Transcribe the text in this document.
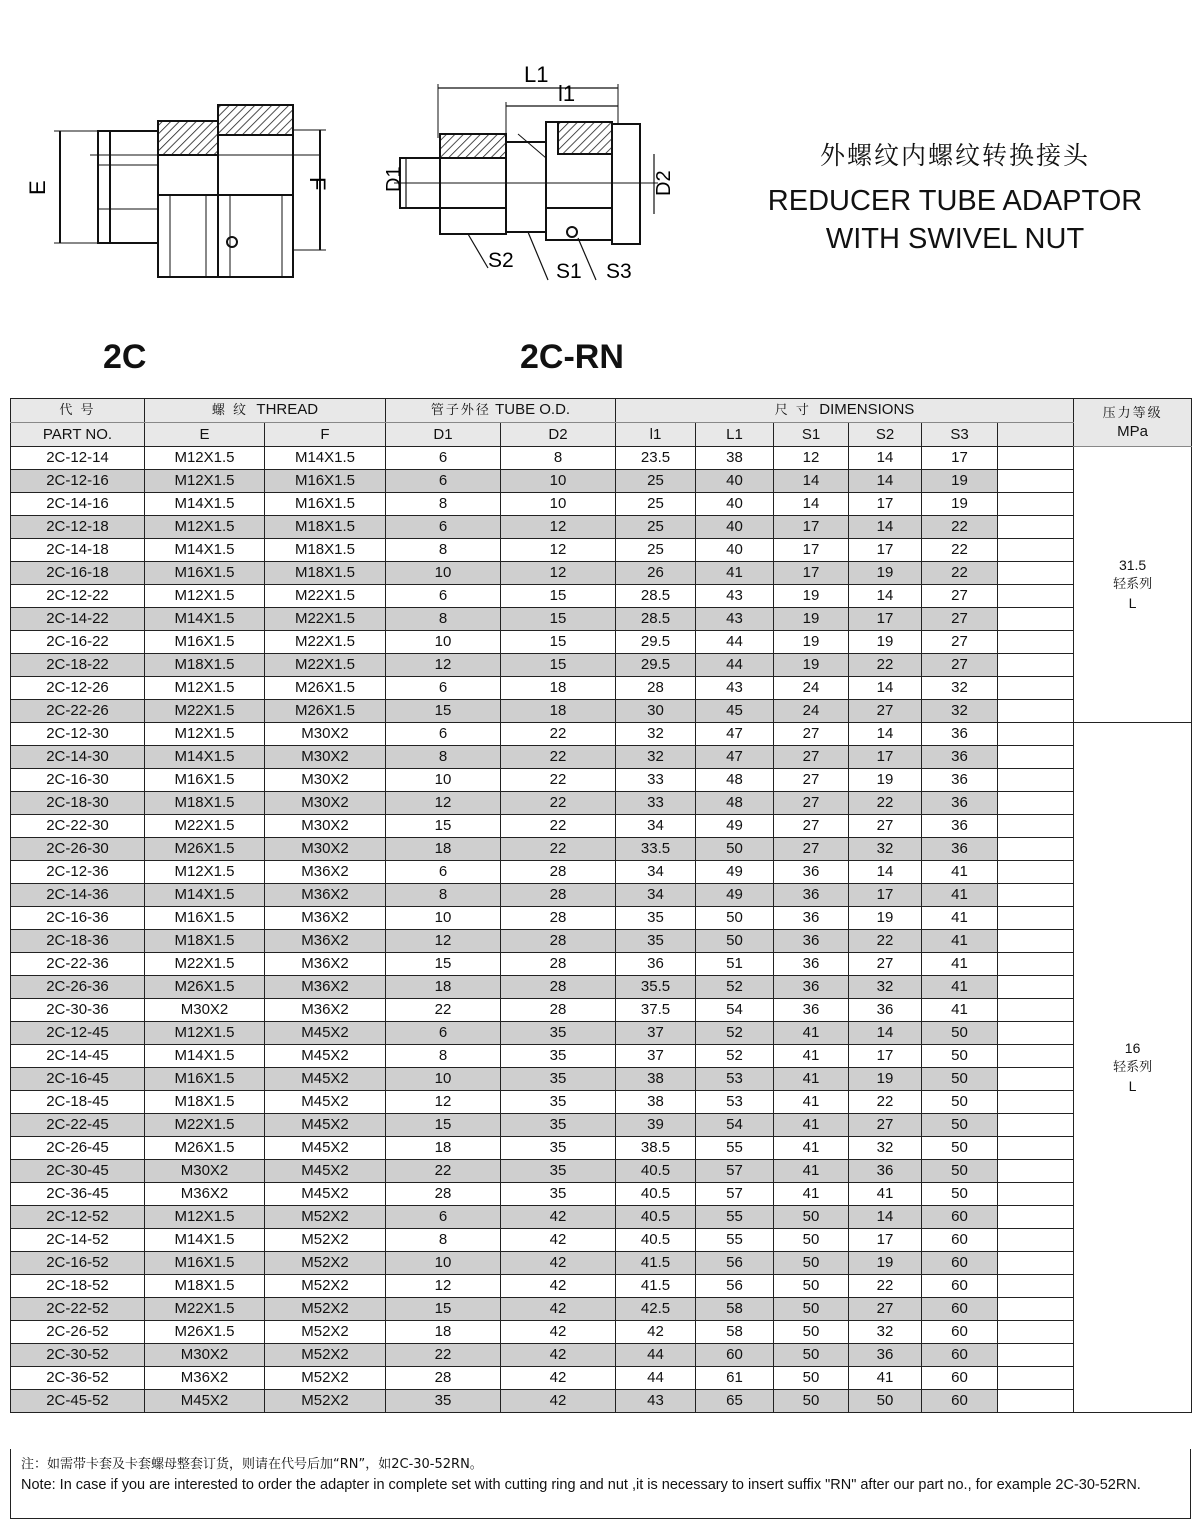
E	F
L1
l1
D1	D2
S2 S1 S3
2C	2C-RN
外螺纹内螺纹转换接头
REDUCER TUBE ADAPTOR
WITH SWIVEL NUT
代 号	螺 纹 THREAD		管子外径 TUBE O.D.		尺 寸 DIMENSIONS						压力等级
MPa
PART NO.	E	F	D1	D2	l1	L1	S1	S2	S3		
2C-12-14	M12X1.5	M14X1.5	6	8	23.5	38	12	14	17		31.5
轻系列
L

2C-12-16	M12X1.5	M16X1.5	6	10	25	40	14	14	19		
2C-14-16	M14X1.5	M16X1.5	8	10	25	40	14	17	19		
2C-12-18	M12X1.5	M18X1.5	6	12	25	40	17	14	22		
2C-14-18	M14X1.5	M18X1.5	8	12	25	40	17	17	22		
2C-16-18	M16X1.5	M18X1.5	10	12	26	41	17	19	22		
2C-12-22	M12X1.5	M22X1.5	6	15	28.5	43	19	14	27		
2C-14-22	M14X1.5	M22X1.5	8	15	28.5	43	19	17	27		
2C-16-22	M16X1.5	M22X1.5	10	15	29.5	44	19	19	27		
2C-18-22	M18X1.5	M22X1.5	12	15	29.5	44	19	22	27		
2C-12-26	M12X1.5	M26X1.5	6	18	28	43	24	14	32		
2C-22-26	M22X1.5	M26X1.5	15	18	30	45	24	27	32		
2C-12-30	M12X1.5	M30X2	6	22	32	47	27	14	36		16
轻系列
L

2C-14-30	M14X1.5	M30X2	8	22	32	47	27	17	36		
2C-16-30	M16X1.5	M30X2	10	22	33	48	27	19	36		
2C-18-30	M18X1.5	M30X2	12	22	33	48	27	22	36		
2C-22-30	M22X1.5	M30X2	15	22	34	49	27	27	36		
2C-26-30	M26X1.5	M30X2	18	22	33.5	50	27	32	36		
2C-12-36	M12X1.5	M36X2	6	28	34	49	36	14	41		
2C-14-36	M14X1.5	M36X2	8	28	34	49	36	17	41		
2C-16-36	M16X1.5	M36X2	10	28	35	50	36	19	41		
2C-18-36	M18X1.5	M36X2	12	28	35	50	36	22	41		
2C-22-36	M22X1.5	M36X2	15	28	36	51	36	27	41		
2C-26-36	M26X1.5	M36X2	18	28	35.5	52	36	32	41		
2C-30-36	M30X2	M36X2	22	28	37.5	54	36	36	41		
2C-12-45	M12X1.5	M45X2	6	35	37	52	41	14	50		
2C-14-45	M14X1.5	M45X2	8	35	37	52	41	17	50		
2C-16-45	M16X1.5	M45X2	10	35	38	53	41	19	50		
2C-18-45	M18X1.5	M45X2	12	35	38	53	41	22	50		
2C-22-45	M22X1.5	M45X2	15	35	39	54	41	27	50		
2C-26-45	M26X1.5	M45X2	18	35	38.5	55	41	32	50		
2C-30-45	M30X2	M45X2	22	35	40.5	57	41	36	50		
2C-36-45	M36X2	M45X2	28	35	40.5	57	41	41	50		
2C-12-52	M12X1.5	M52X2	6	42	40.5	55	50	14	60		
2C-14-52	M14X1.5	M52X2	8	42	40.5	55	50	17	60		
2C-16-52	M16X1.5	M52X2	10	42	41.5	56	50	19	60		
2C-18-52	M18X1.5	M52X2	12	42	41.5	56	50	22	60		
2C-22-52	M22X1.5	M52X2	15	42	42.5	58	50	27	60		
2C-26-52	M26X1.5	M52X2	18	42	42	58	50	32	60		
2C-30-52	M30X2	M52X2	22	42	44	60	50	36	60		
2C-36-52	M36X2	M52X2	28	42	44	61	50	41	60		
2C-45-52	M45X2	M52X2	35	42	43	65	50	50	60		
注：如需带卡套及卡套螺母整套订货，则请在代号后加“RN”，如2C-30-52RN。
Note: In case if you are interested to order the adapter in complete set with cutting ring and nut ,it is necessary to insert suffix "RN" after our part no., for example 2C-30-52RN.
